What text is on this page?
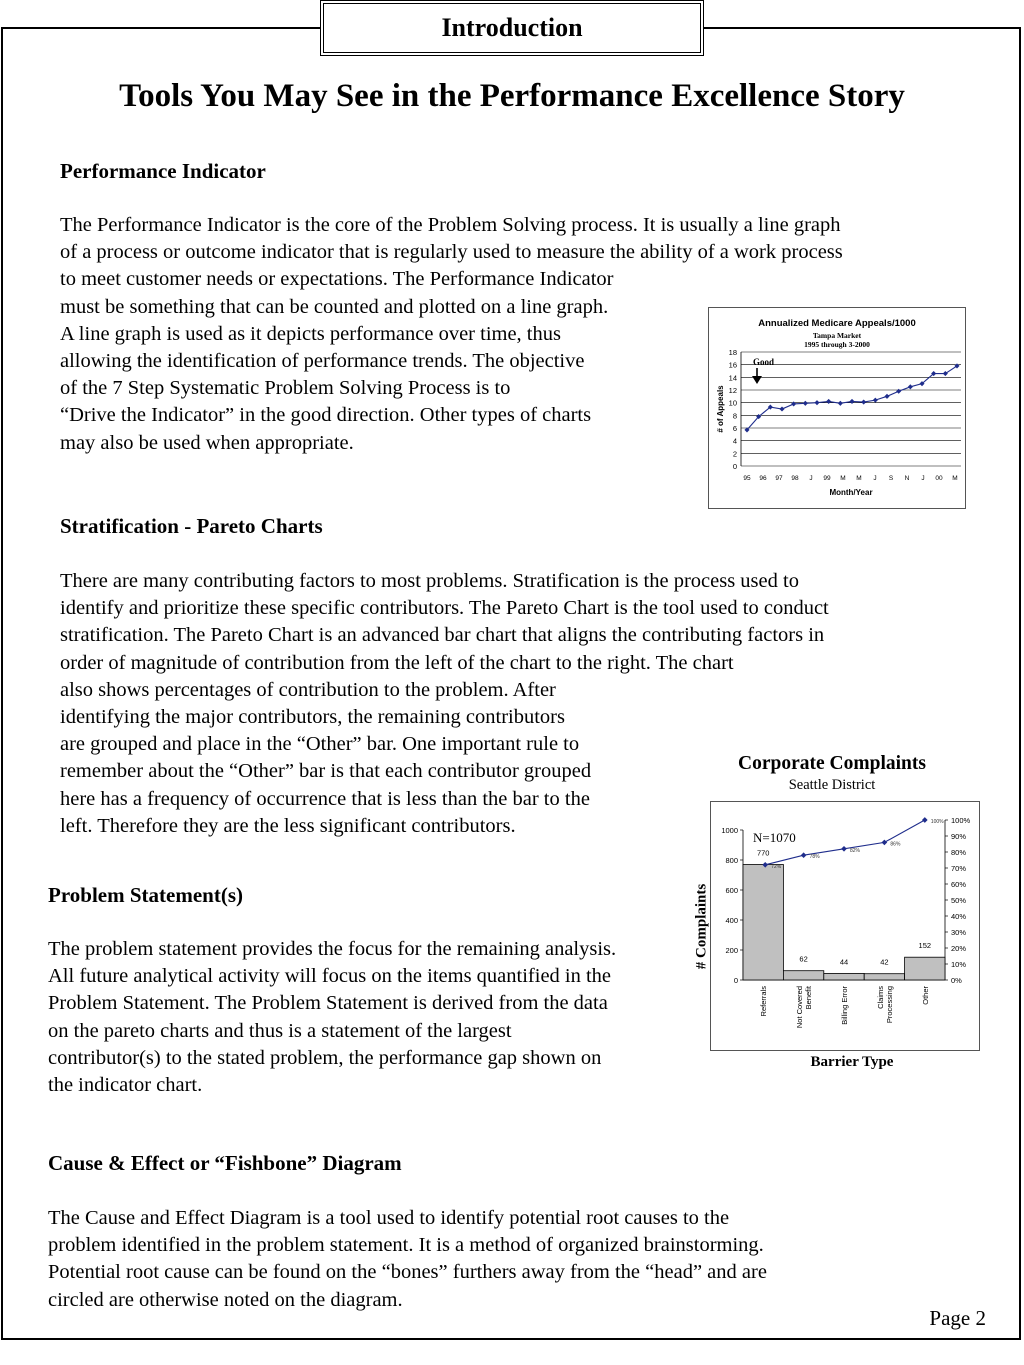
Introduction
Tools You May See in the Performance Excellence Story
Performance Indicator
The Performance Indicator is the core of the Problem Solving process. It is usually a line graph
of a process or outcome indicator that is regularly used to measure the ability of a work process
to meet customer needs or expectations. The Performance Indicator
must be something that can be counted and plotted on a line graph.
A line graph is used as it depicts performance over time, thus
allowing the identification of performance trends. The objective
of the 7 Step Systematic Problem Solving Process is to
“Drive the Indicator” in the good direction. Other types of charts
may also be used when appropriate.
Annualized Medicare Appeals/1000
Tampa Market
1995 through 3-2000
0
2
4
6
8
10
12
14
16
18
95 96 97 98 J 99 M M J S N J 00 M
Month/Year
# of Appeals
Good
Stratification - Pareto Charts
There are many contributing factors to most problems. Stratification is the process used to
identify and prioritize these specific contributors. The Pareto Chart is the tool used to conduct
stratification. The Pareto Chart is an advanced bar chart that aligns the contributing factors in
order of magnitude of contribution from the left of the chart to the right. The chart
also shows percentages of contribution to the problem. After
identifying the major contributors, the remaining contributors
are grouped and place in the “Other” bar. One important rule to
remember about the “Other” bar is that each contributor grouped
here has a frequency of occurrence that is less than the bar to the
left. Therefore they are the less significant contributors.
Corporate Complaints
Seattle District
0
200
400
600
800
1000
0%
10%
20%
30%
40%
50%
60%
70%
80%
90%
100%
770
Referrals
62
Not Covered Benefit
44
Billing Error
42
Claims Processing
152
Other
72%
78%
82%
86%
100%
N=1070
# Complaints
Barrier Type
Problem Statement(s)
The problem statement provides the focus for the remaining analysis.
All future analytical activity will focus on the items quantified in the
Problem Statement. The Problem Statement is derived from the data
on the pareto charts and thus is a statement of the largest
contributor(s) to the stated problem, the performance gap shown on
the indicator chart.
Cause & Effect or “Fishbone” Diagram
The Cause and Effect Diagram is a tool used to identify potential root causes to the
problem identified in the problem statement. It is a method of organized brainstorming.
Potential root cause can be found on the “bones” furthers away from the “head” and are
circled are otherwise noted on the diagram.
Page 2
